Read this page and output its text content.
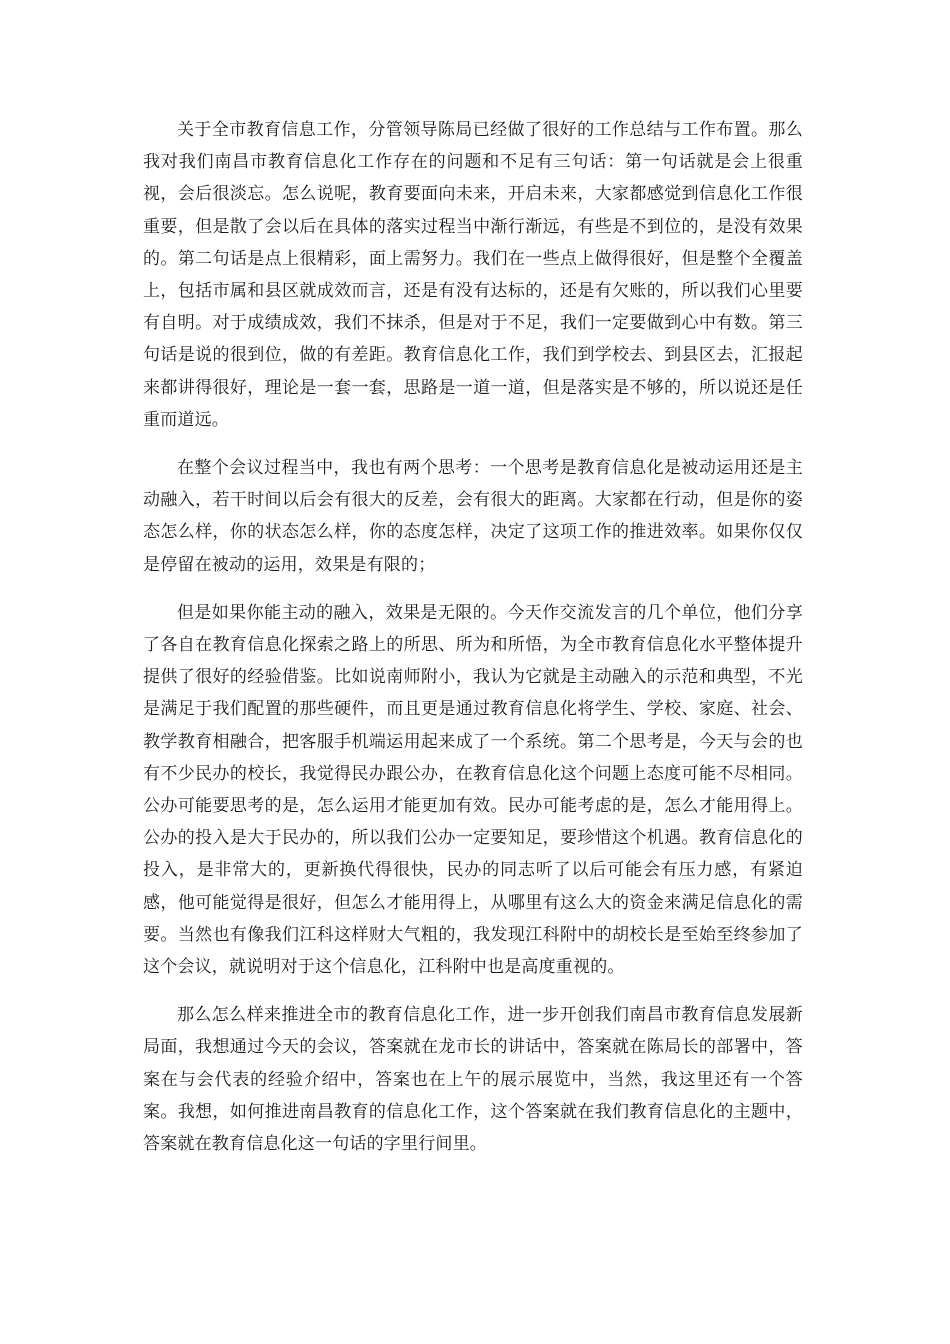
关于全市教育信息工作，分管领导陈局已经做了很好的工作总结与工作布置。那么我对我们南昌市教育信息化工作存在的问题和不足有三句话：第一句话就是会上很重视，会后很淡忘。怎么说呢，教育要面向未来，开启未来，大家都感觉到信息化工作很重要，但是散了会以后在具体的落实过程当中渐行渐远，有些是不到位的，是没有效果的。第二句话是点上很精彩，面上需努力。我们在一些点上做得很好，但是整个全覆盖上，包括市属和县区就成效而言，还是有没有达标的，还是有欠账的，所以我们心里要有自明。对于成绩成效，我们不抹杀，但是对于不足，我们一定要做到心中有数。第三句话是说的很到位，做的有差距。教育信息化工作，我们到学校去、到县区去，汇报起来都讲得很好，理论是一套一套，思路是一道一道，但是落实是不够的，所以说还是任重而道远。

在整个会议过程当中，我也有两个思考：一个思考是教育信息化是被动运用还是主动融入，若干时间以后会有很大的反差，会有很大的距离。大家都在行动，但是你的姿态怎么样，你的状态怎么样，你的态度怎样，决定了这项工作的推进效率。如果你仅仅是停留在被动的运用，效果是有限的；

但是如果你能主动的融入，效果是无限的。今天作交流发言的几个单位，他们分享了各自在教育信息化探索之路上的所思、所为和所悟，为全市教育信息化水平整体提升提供了很好的经验借鉴。比如说南师附小，我认为它就是主动融入的示范和典型，不光是满足于我们配置的那些硬件，而且更是通过教育信息化将学生、学校、家庭、社会、教学教育相融合，把客服手机端运用起来成了一个系统。第二个思考是，今天与会的也有不少民办的校长，我觉得民办跟公办，在教育信息化这个问题上态度可能不尽相同。公办可能要思考的是，怎么运用才能更加有效。民办可能考虑的是，怎么才能用得上。公办的投入是大于民办的，所以我们公办一定要知足，要珍惜这个机遇。教育信息化的投入，是非常大的，更新换代得很快，民办的同志听了以后可能会有压力感，有紧迫感，他可能觉得是很好，但怎么才能用得上，从哪里有这么大的资金来满足信息化的需要。当然也有像我们江科这样财大气粗的，我发现江科附中的胡校长是至始至终参加了这个会议，就说明对于这个信息化，江科附中也是高度重视的。

那么怎么样来推进全市的教育信息化工作，进一步开创我们南昌市教育信息发展新局面，我想通过今天的会议，答案就在龙市长的讲话中，答案就在陈局长的部署中，答案在与会代表的经验介绍中，答案也在上午的展示展览中，当然，我这里还有一个答案。我想，如何推进南昌教育的信息化工作，这个答案就在我们教育信息化的主题中，答案就在教育信息化这一句话的字里行间里。
